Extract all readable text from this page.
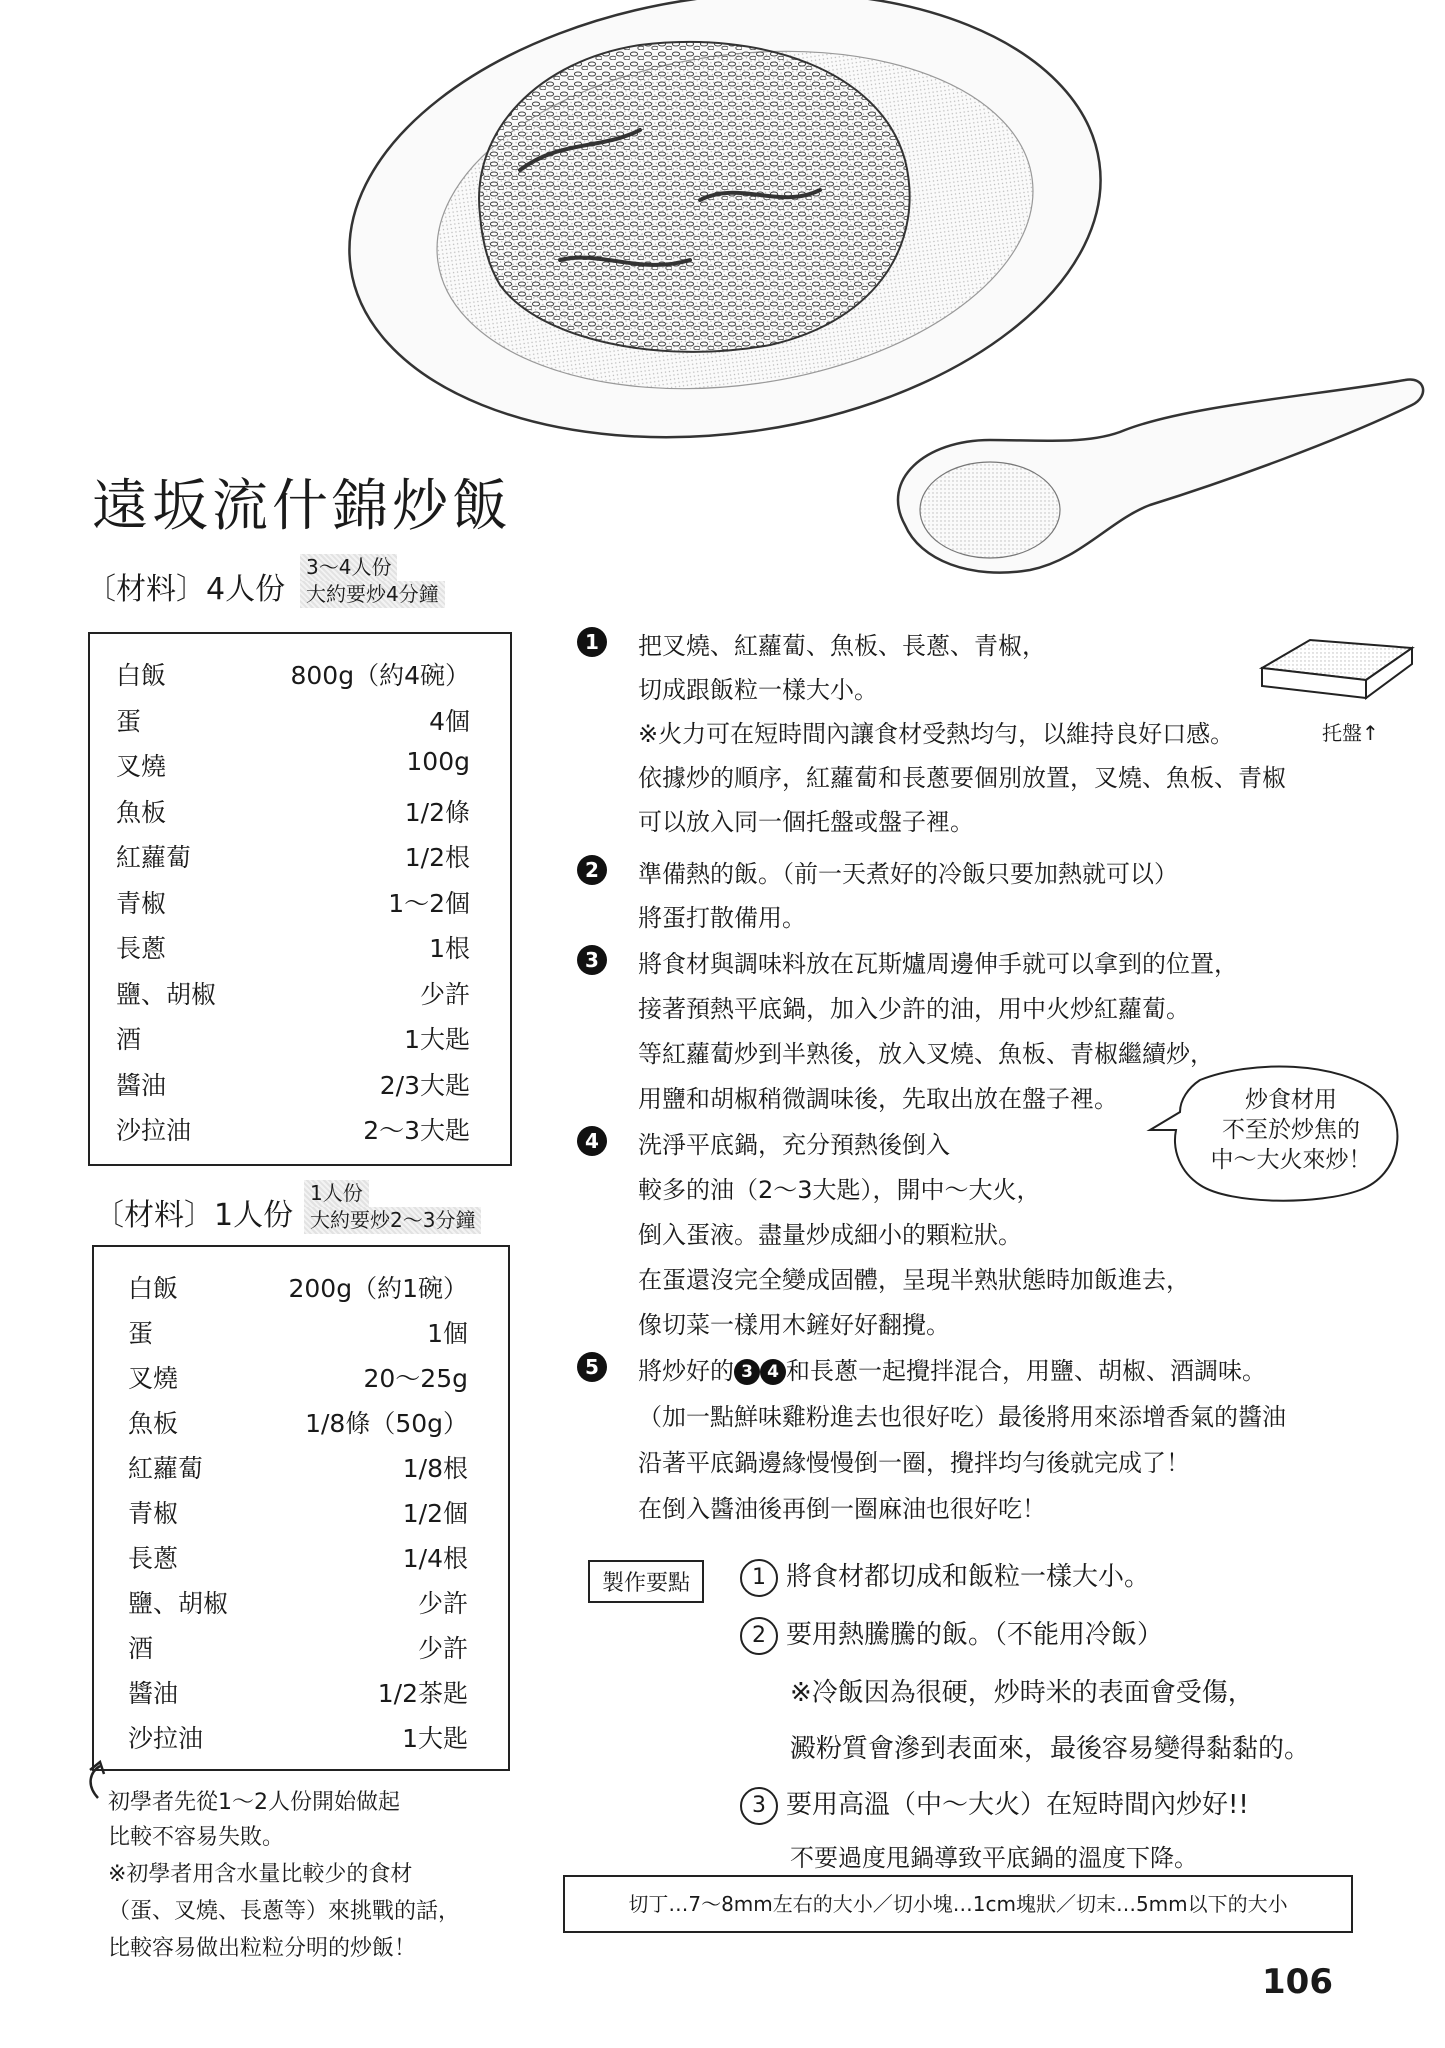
遠坂流什錦炒飯
〔材料〕4人份
3～4人份
大約要炒4分鐘
白飯	800g（約4碗）
蛋	4個
叉燒	100g
魚板	1/2條
紅蘿蔔	1/2根
青椒	1～2個
長蔥	1根
鹽、胡椒	少許
酒	1大匙
醬油	2/3大匙
沙拉油	2～3大匙
〔材料〕1人份
1人份
大約要炒2～3分鐘
白飯	200g（約1碗）
蛋	1個
叉燒	20～25g
魚板	1/8條（50g）
紅蘿蔔	1/8根
青椒	1/2個
長蔥	1/4根
鹽、胡椒	少許
酒	少許
醬油	1/2茶匙
沙拉油	1大匙
初學者先從1～2人份開始做起
比較不容易失敗。
※初學者用含水量比較少的食材
（蛋、叉燒、長蔥等）來挑戰的話，
比較容易做出粒粒分明的炒飯！
1	把叉燒、紅蘿蔔、魚板、長蔥、青椒，
切成跟飯粒一樣大小。
※火力可在短時間內讓食材受熱均勻，以維持良好口感。
依據炒的順序，紅蘿蔔和長蔥要個別放置，叉燒、魚板、青椒
可以放入同一個托盤或盤子裡。
托盤↑
2	準備熱的飯。（前一天煮好的冷飯只要加熱就可以）
將蛋打散備用。
3	將食材與調味料放在瓦斯爐周邊伸手就可以拿到的位置，
接著預熱平底鍋，加入少許的油，用中火炒紅蘿蔔。
等紅蘿蔔炒到半熟後，放入叉燒、魚板、青椒繼續炒，
用鹽和胡椒稍微調味後，先取出放在盤子裡。	炒食材用
不至於炒焦的
中～大火來炒！
4	洗淨平底鍋，充分預熱後倒入
較多的油（2～3大匙），開中～大火，
倒入蛋液。盡量炒成細小的顆粒狀。
在蛋還沒完全變成固體，呈現半熟狀態時加飯進去，
像切菜一樣用木鏟好好翻攪。
5	將炒好的 3 4 和長蔥一起攪拌混合，用鹽、胡椒、酒調味。
（加一點鮮味雞粉進去也很好吃）最後將用來添增香氣的醬油
沿著平底鍋邊緣慢慢倒一圈，攪拌均勻後就完成了！
在倒入醬油後再倒一圈麻油也很好吃！
製作要點	1 將食材都切成和飯粒一樣大小。
2 要用熱騰騰的飯。（不能用冷飯）
※冷飯因為很硬，炒時米的表面會受傷，
澱粉質會滲到表面來，最後容易變得黏黏的。
3 要用高溫（中～大火）在短時間內炒好!!
不要過度甩鍋導致平底鍋的溫度下降。
切丁…7～8mm左右的大小／切小塊…1cm塊狀／切末…5mm以下的大小
106
